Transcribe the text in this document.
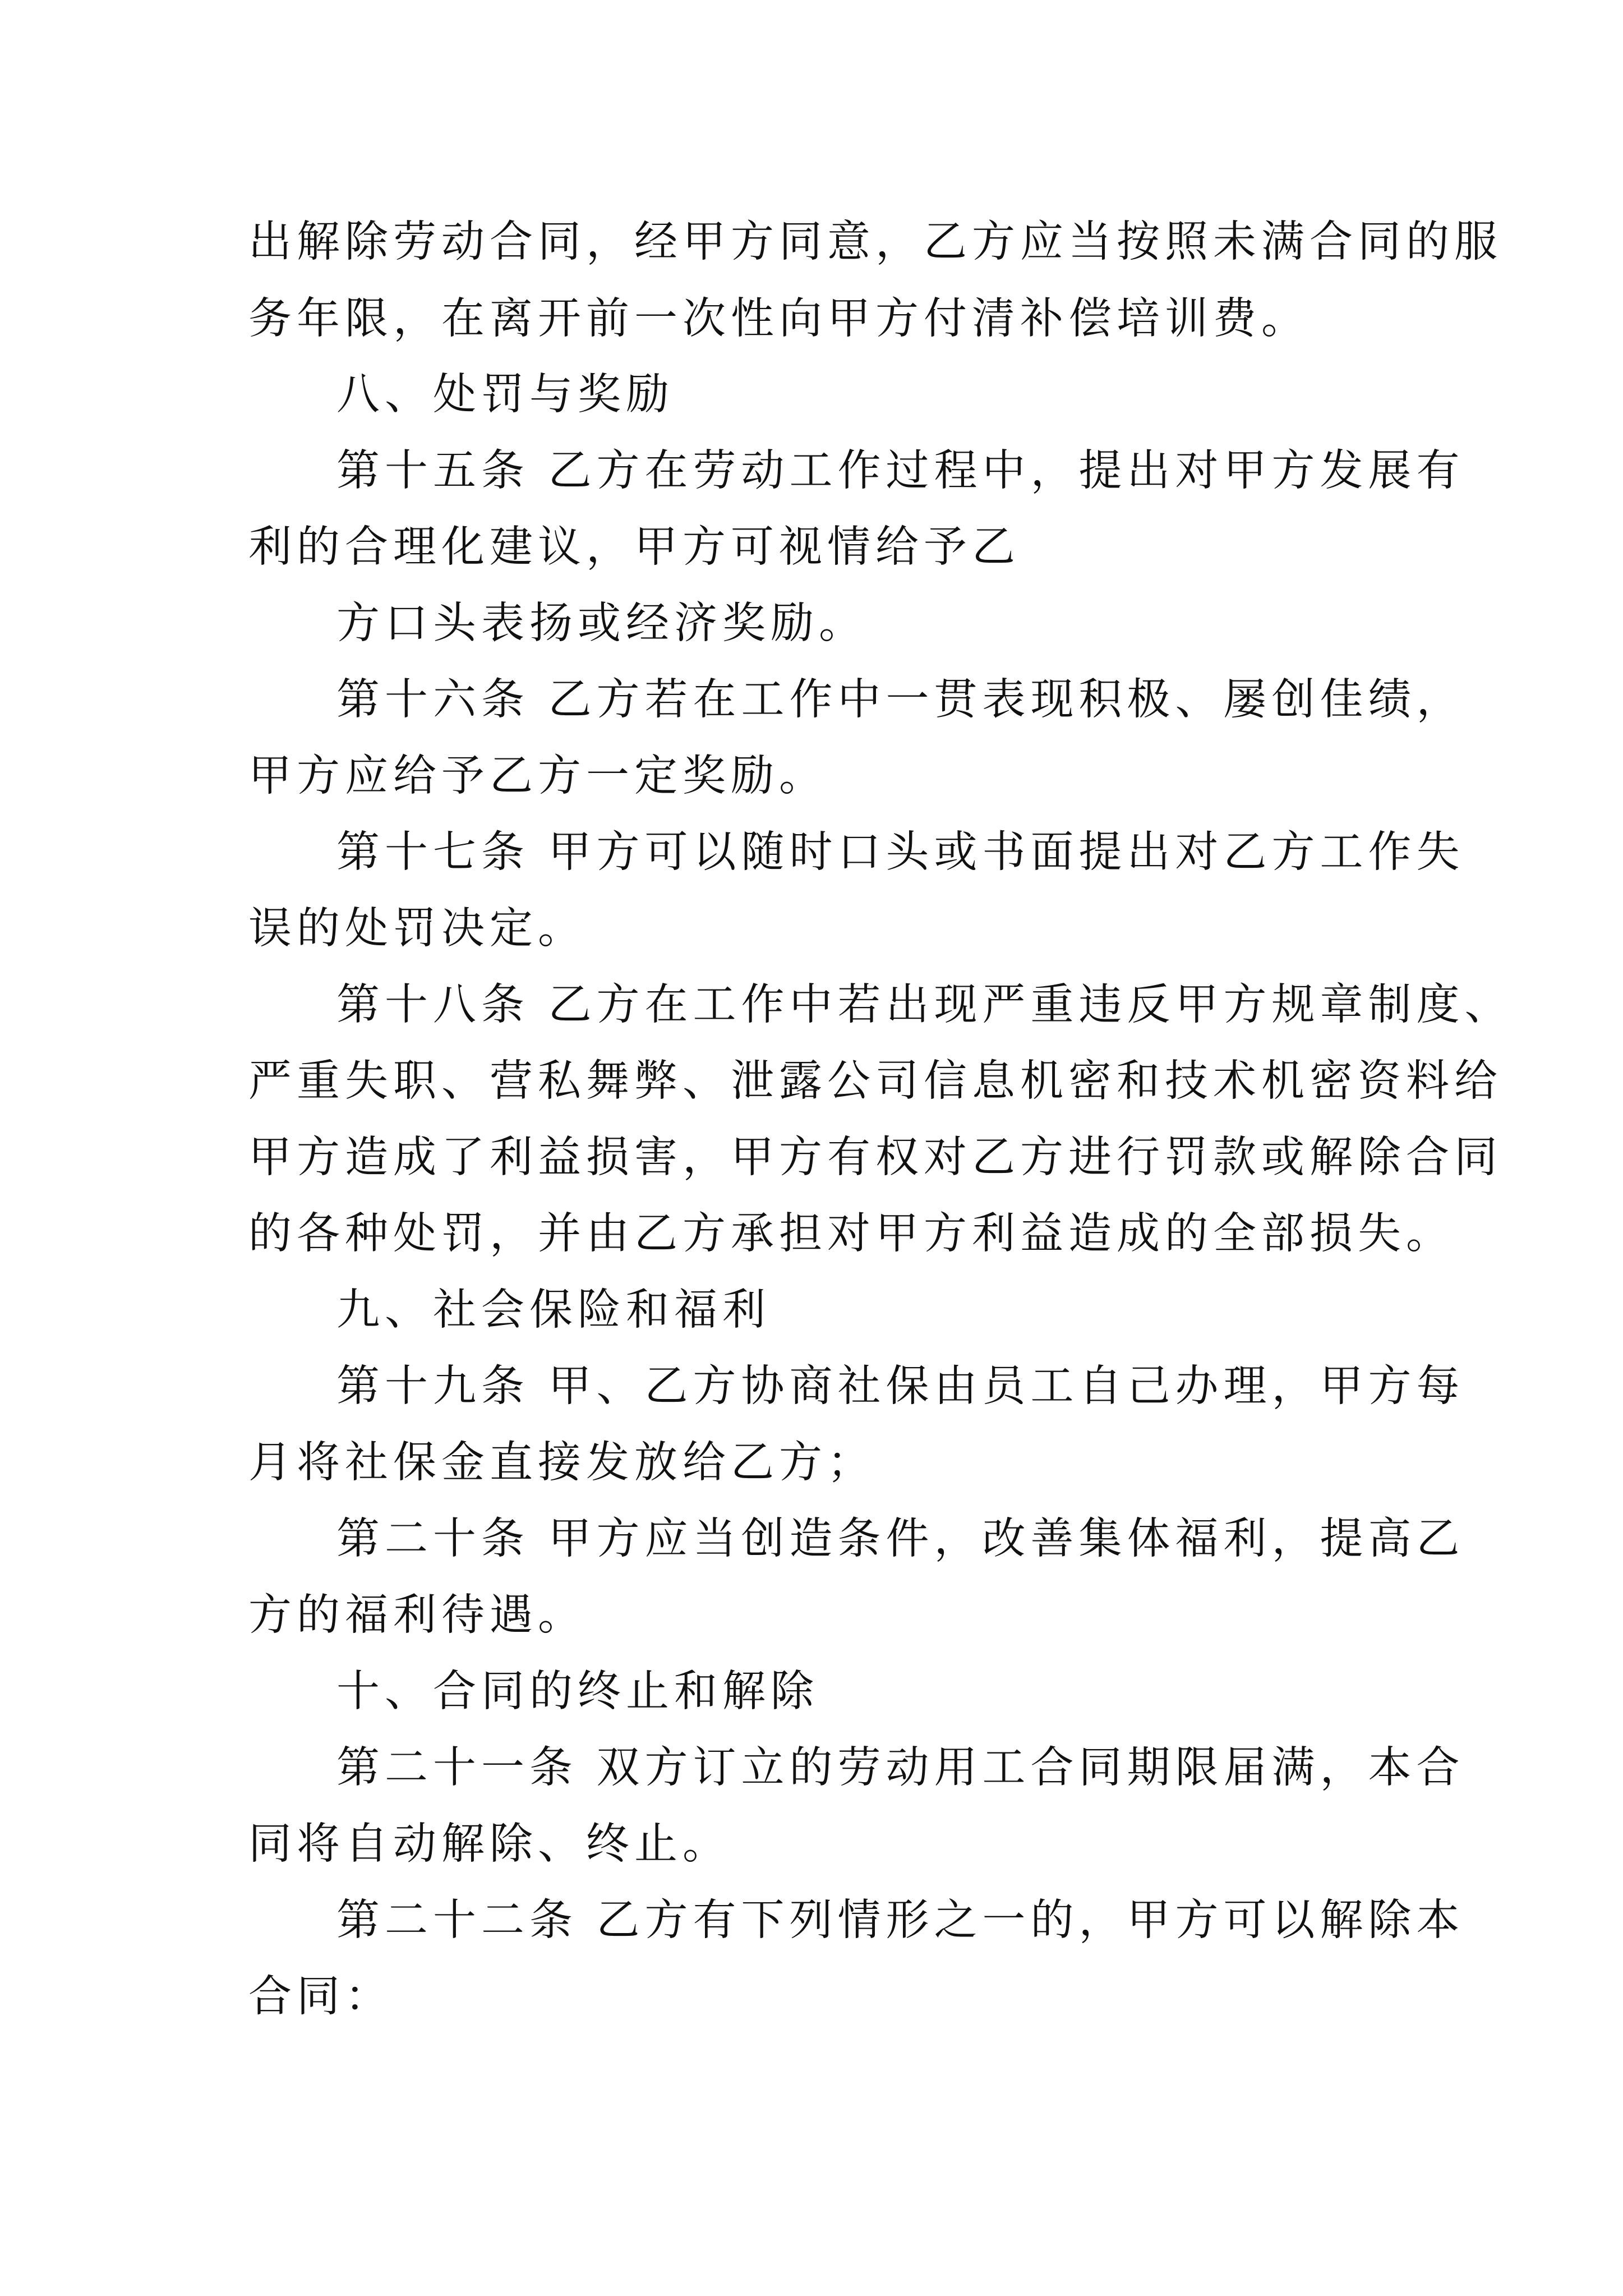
出解除劳动合同，经甲方同意，乙方应当按照未满合同的服
务年限，在离开前一次性向甲方付清补偿培训费。
八、处罚与奖励
第十五条 乙方在劳动工作过程中，提出对甲方发展有
利的合理化建议，甲方可视情给予乙
方口头表扬或经济奖励。
第十六条 乙方若在工作中一贯表现积极、屡创佳绩，
甲方应给予乙方一定奖励。
第十七条 甲方可以随时口头或书面提出对乙方工作失
误的处罚决定。
第十八条 乙方在工作中若出现严重违反甲方规章制度、
严重失职、营私舞弊、泄露公司信息机密和技术机密资料给
甲方造成了利益损害，甲方有权对乙方进行罚款或解除合同
的各种处罚，并由乙方承担对甲方利益造成的全部损失。
九、社会保险和福利
第十九条 甲、乙方协商社保由员工自己办理，甲方每
月将社保金直接发放给乙方；
第二十条 甲方应当创造条件，改善集体福利，提高乙
方的福利待遇。
十、合同的终止和解除
第二十一条 双方订立的劳动用工合同期限届满，本合
同将自动解除、终止。
第二十二条 乙方有下列情形之一的，甲方可以解除本
合同：
